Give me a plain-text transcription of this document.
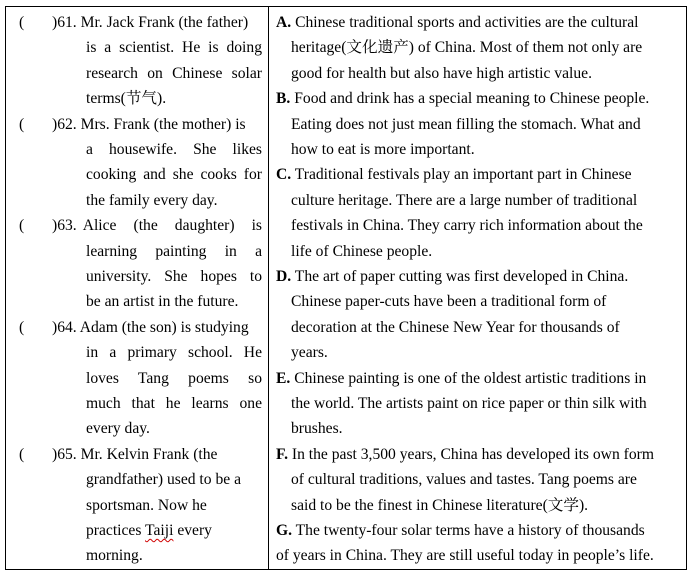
( )61. Mr. Jack Frank (the father)
is a scientist. He is doing
research on Chinese solar
terms(节气).
( )62. Mrs. Frank (the mother) is
a housewife. She likes
cooking and she cooks for
the family every day.
( )63. Alice (the daughter) is
learning painting in a
university. She hopes to
be an artist in the future.
( )64. Adam (the son) is studying
in a primary school. He
loves Tang poems so
much that he learns one
every day.
( )65. Mr. Kelvin Frank (the
grandfather) used to be a
sportsman. Now he
practices Taiji every
morning.
A. Chinese traditional sports and activities are the cultural
heritage(文化遗产) of China. Most of them not only are
good for health but also have high artistic value.
B. Food and drink has a special meaning to Chinese people.
Eating does not just mean filling the stomach. What and
how to eat is more important.
C. Traditional festivals play an important part in Chinese
culture heritage. There are a large number of traditional
festivals in China. They carry rich information about the
life of Chinese people.
D. The art of paper cutting was first developed in China.
Chinese paper-cuts have been a traditional form of
decoration at the Chinese New Year for thousands of
years.
E. Chinese painting is one of the oldest artistic traditions in
the world. The artists paint on rice paper or thin silk with
brushes.
F. In the past 3,500 years, China has developed its own form
of cultural traditions, values and tastes. Tang poems are
said to be the finest in Chinese literature(文学).
G. The twenty-four solar terms have a history of thousands
of years in China. They are still useful today in people’s life.
